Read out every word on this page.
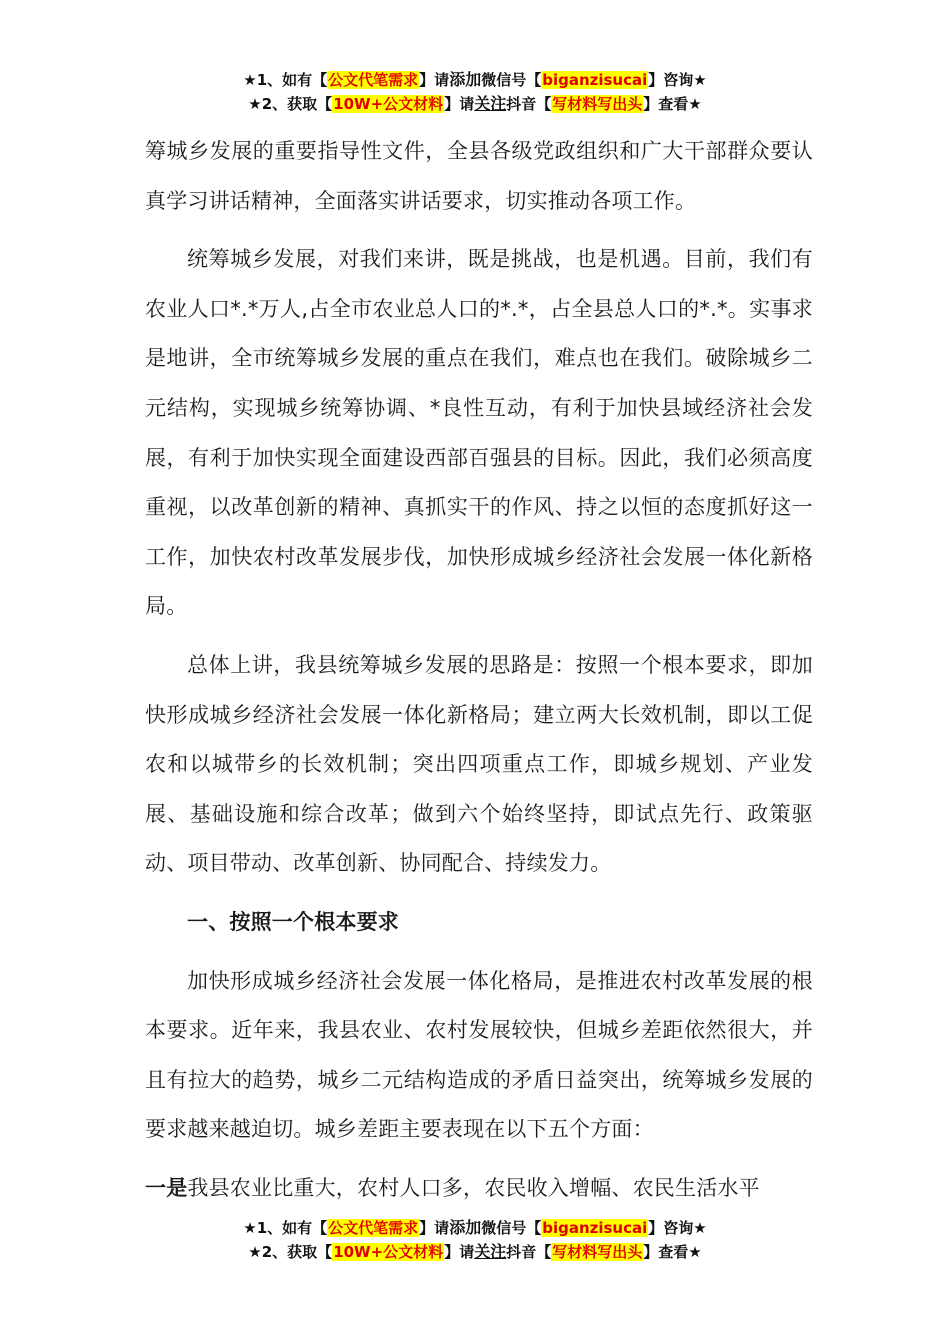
★1、如有【公文代笔需求】请添加微信号【biganzisucai】咨询★
★2、获取【10W+公文材料】请关注抖音【写材料写出头】查看★

筹城乡发展的重要指导性文件，全县各级党政组织和广大干部群众要认真学习讲话精神，全面落实讲话要求，切实推动各项工作。

统筹城乡发展，对我们来讲，既是挑战，也是机遇。目前，我们有农业人口*.*万人,占全市农业总人口的*.*，占全县总人口的*.*。实事求是地讲，全市统筹城乡发展的重点在我们，难点也在我们。破除城乡二元结构，实现城乡统筹协调、*良性互动，有利于加快县域经济社会发展，有利于加快实现全面建设西部百强县的目标。因此，我们必须高度重视，以改革创新的精神、真抓实干的作风、持之以恒的态度抓好这一工作，加快农村改革发展步伐，加快形成城乡经济社会发展一体化新格局。

总体上讲，我县统筹城乡发展的思路是：按照一个根本要求，即加快形成城乡经济社会发展一体化新格局；建立两大长效机制，即以工促农和以城带乡的长效机制；突出四项重点工作，即城乡规划、产业发展、基础设施和综合改革；做到六个始终坚持，即试点先行、政策驱动、项目带动、改革创新、协同配合、持续发力。

一、按照一个根本要求

加快形成城乡经济社会发展一体化格局，是推进农村改革发展的根本要求。近年来，我县农业、农村发展较快，但城乡差距依然很大，并且有拉大的趋势，城乡二元结构造成的矛盾日益突出，统筹城乡发展的要求越来越迫切。城乡差距主要表现在以下五个方面：

一是我县农业比重大，农村人口多，农民收入增幅、农民生活水平

★1、如有【公文代笔需求】请添加微信号【biganzisucai】咨询★
★2、获取【10W+公文材料】请关注抖音【写材料写出头】查看★
